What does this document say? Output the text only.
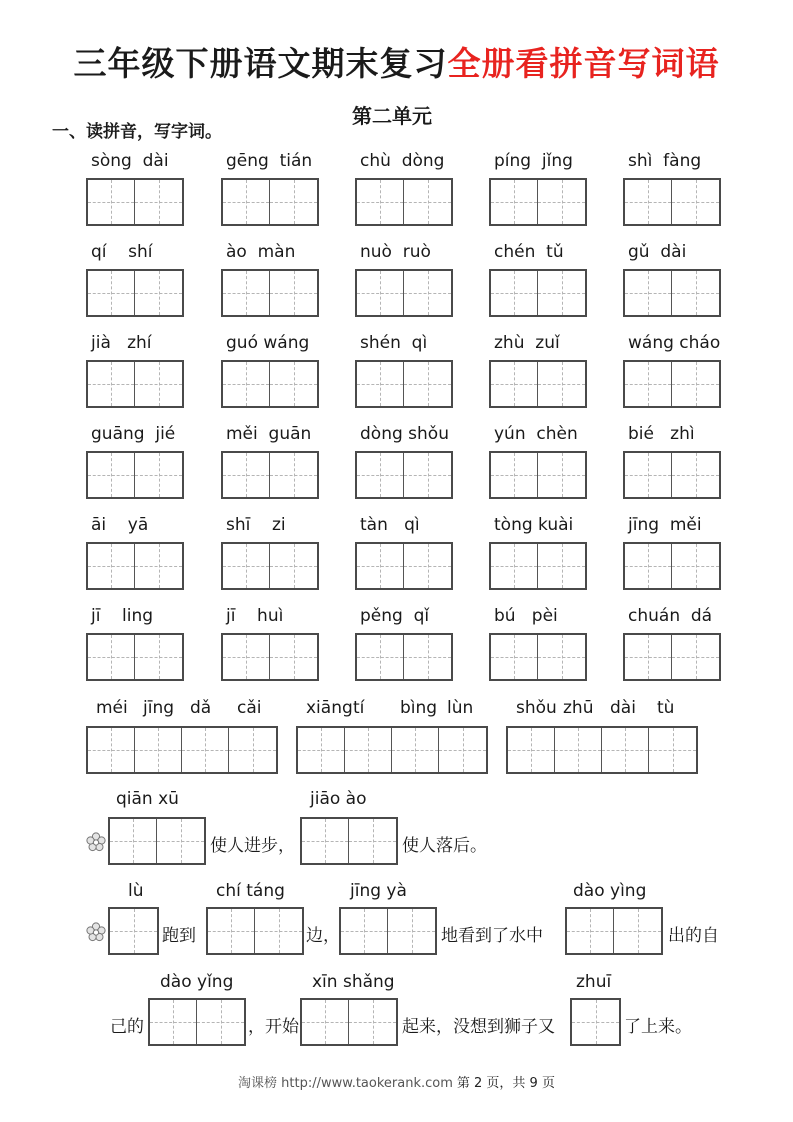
三年级下册语文期末复习全册看拼音写词语
第二单元
一、读拼音，写字词。
sòng  dài	gēng  tián	chù  dòng	píng  jǐng	shì  fàng
qí    shí	ào  màn	nuò  ruò	chén  tǔ	gǔ  dài
jià   zhí	guó wáng	shén  qì	zhù  zuǐ	wáng cháo
guāng  jié	měi  guān	dòng shǒu	yún  chèn	bié   zhì
āi    yā	shī    zi	tàn   qì	tòng kuài	jīng  měi
jī    ling	jī    huì	pěng  qǐ	bú   pèi	chuán  dá
méi jīng dǎ cǎi	xiāng tí bìng lùn	shǒu zhū dài tù
qiān xū	jiāo ào
使人进步，	使人落后。
lù	chí táng	jīng yà	dào yìng
跑到	边，	地看到了水中	出的自
dào yǐng	xīn shǎng	zhuī
己的	，开始	起来，没想到狮子又	了上来。
淘课榜 http://www.taokerank.com 第 2 页，共 9 页
